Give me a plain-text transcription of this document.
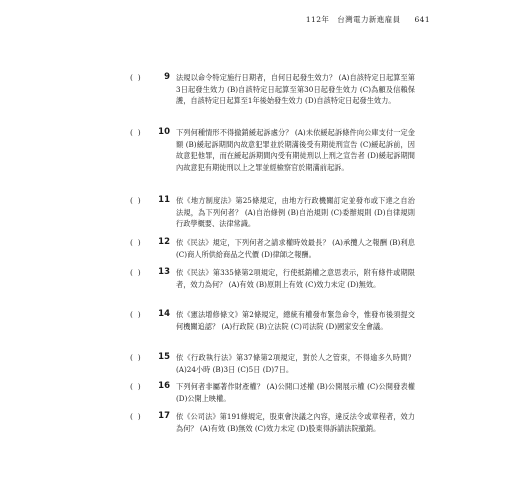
112年 台灣電力新進雇員 641
(  )	9 法規以命令特定施行日期者，自何日起發生效力？ (A)自該特定日起算至第3日起發生效力 (B)自該特定日起算至第30日起發生效力 (C)為顧及信賴保護，自該特定日起算至1年後始發生效力 (D)自該特定日起發生效力。
(  )	10 下列何種情形不得撤銷緩起訴處分？ (A)未依緩起訴條件向公庫支付一定金額 (B)緩起訴期間內故意犯罪並於期滿後受有期徒刑宣告 (C)緩起訴前，因故意犯他罪，而在緩起訴期間內受有期徒刑以上刑之宣告者 (D)緩起訴期間內故意犯有期徒刑以上之罪並經檢察官於期滿前起訴。
(  )	11 依《地方制度法》第25條規定，由地方行政機關訂定並發布或下達之自治法規，為下列何者？ (A)自治條例 (B)自治規則 (C)委辦規則 (D)自律規則行政學概要、法律常識。
(  )	12 依《民法》規定，下列何者之請求權時效最長？ (A)承攬人之報酬 (B)利息 (C)商人所供給商品之代價 (D)律師之報酬。
(  )	13 依《民法》第335條第2項規定，行使抵銷權之意思表示，附有條件或期限者，效力為何？ (A)有效 (B)原則上有效 (C)效力未定 (D)無效。
(  )	14 依《憲法增修條文》第2條規定，總統有權發布緊急命令，惟發布後須提交何機關追認？ (A)行政院 (B)立法院 (C)司法院 (D)國家安全會議。
(  )	15 依《行政執行法》第37條第2項規定，對於人之管束，不得逾多久時間？ (A)24小時 (B)3日 (C)5日 (D)7日。
(  )	16 下列何者非屬著作財產權？ (A)公開口述權 (B)公開展示權 (C)公開發表權 (D)公開上映權。
(  )	17 依《公司法》第191條規定，股東會決議之內容，違反法令或章程者，效力為何？ (A)有效 (B)無效 (C)效力未定 (D)股東得訴請法院撤銷。
